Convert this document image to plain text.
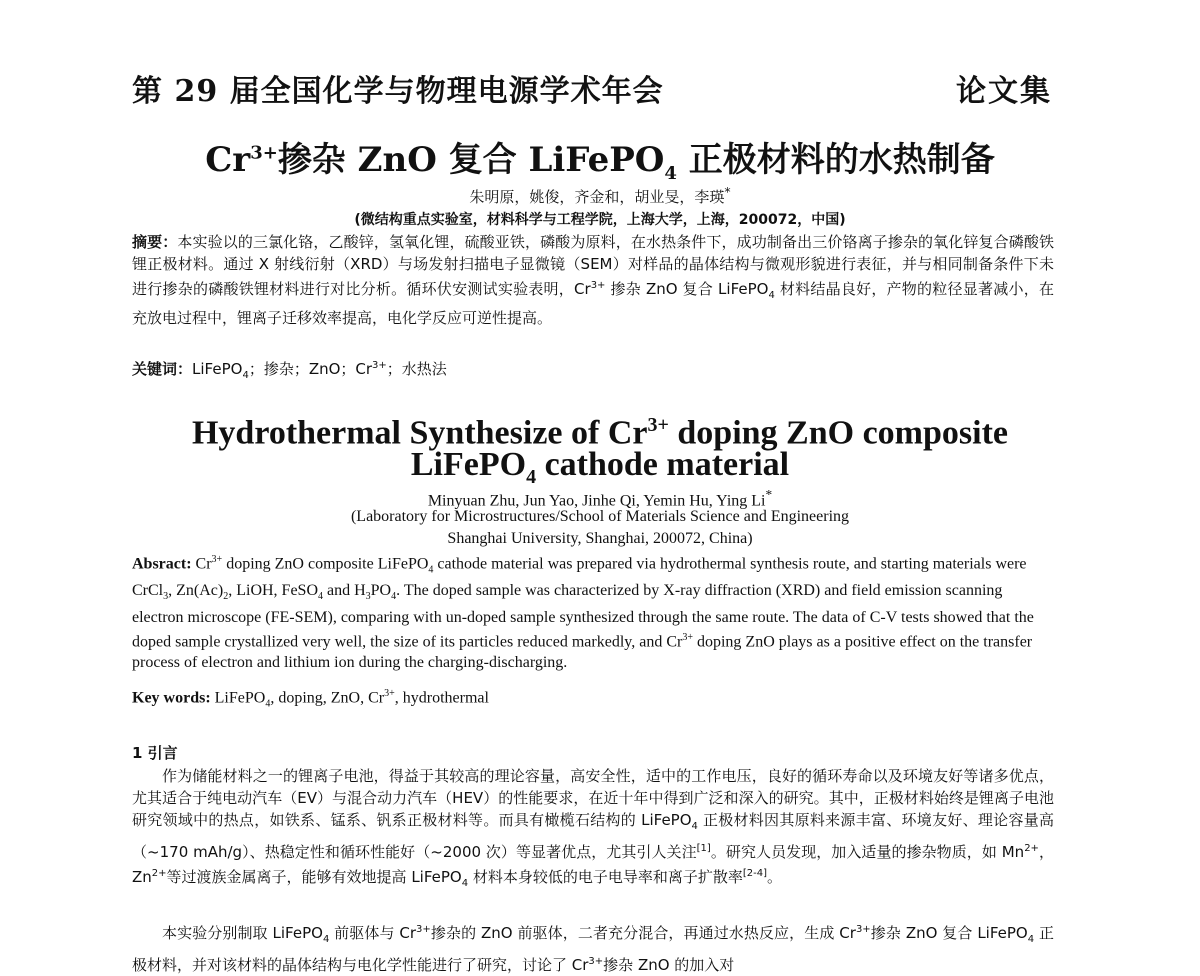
第 29 届全国化学与物理电源学术年会	论文集
$Cr^{3+}$掺杂 ZnO 复合 LiFePO$_4$ 正极材料的水热制备
朱明原，姚俊，齐金和，胡业旻，李瑛*
(微结构重点实验室，材料科学与工程学院，上海大学，上海，200072，中国)
摘要：本实验以的三氯化铬，乙酸锌，氢氧化锂，硫酸亚铁，磷酸为原料，在水热条件下，成功制备出三价铬离子掺杂的氧化锌复合磷酸铁锂正极材料。通过 X 射线衍射（XRD）与场发射扫描电子显微镜（SEM）对样品的晶体结构与微观形貌进行表征，并与相同制备条件下未进行掺杂的磷酸铁锂材料进行对比分析。循环伏安测试实验表明，$Cr^{3+}$ 掺杂 ZnO 复合 LiFePO$_4$ 材料结晶良好，产物的粒径显著减小，在充放电过程中，锂离子迁移效率提高，电化学反应可逆性提高。
关键词：LiFePO$_4$；掺杂；ZnO；$Cr^{3+}$；水热法
Hydrothermal Synthesize of $Cr^{3+}$ doping ZnO composite
LiFePO$_4$ cathode material
Minyuan Zhu, Jun Yao, Jinhe Qi, Yemin Hu, Ying Li*
(Laboratory for Microstructures/School of Materials Science and Engineering
Shanghai University, Shanghai, 200072, China)
Absract: $Cr^{3+}$ doping ZnO composite LiFePO$_4$ cathode material was prepared via hydrothermal synthesis route, and starting materials were CrCl$_3$, $Zn(Ac)_2$, LiOH, FeSO$_4$ and $H_3PO_4$. The doped sample was characterized by X-ray diffraction (XRD) and field emission scanning electron microscope (FE-SEM), comparing with un-doped sample synthesized through the same route. The data of C-V tests showed that the doped sample crystallized very well, the size of its particles reduced markedly, and $Cr^{3+}$ doping ZnO plays as a positive effect on the transfer process of electron and lithium ion during the charging-discharging.
Key words: LiFePO$_4$, doping, ZnO, $Cr^{3+}$, hydrothermal
1 引言
作为储能材料之一的锂离子电池，得益于其较高的理论容量，高安全性，适中的工作电压，良好的循环寿命以及环境友好等诸多优点，尤其适合于纯电动汽车（EV）与混合动力汽车（HEV）的性能要求，在近十年中得到广泛和深入的研究。其中，正极材料始终是锂离子电池研究领域中的热点，如铁系、锰系、钒系正极材料等。而具有橄榄石结构的 LiFePO$_4$ 正极材料因其原料来源丰富、环境友好、理论容量高（~170 mAh/g）、热稳定性和循环性能好（~2000 次）等显著优点，尤其引人关注[1]。研究人员发现，加入适量的掺杂物质，如 $Mn^{2+}$，$Zn^{2+}$等过渡族金属离子，能够有效地提高 LiFePO$_4$ 材料本身较低的电子电导率和离子扩散率[2-4]。
本实验分别制取 LiFePO$_4$ 前驱体与 $Cr^{3+}$掺杂的 ZnO 前驱体，二者充分混合，再通过水热反应，生成 $Cr^{3+}$掺杂 ZnO 复合 LiFePO$_4$ 正极材料，并对该材料的晶体结构与电化学性能进行了研究，讨论了 $Cr^{3+}$掺杂 ZnO 的加入对
